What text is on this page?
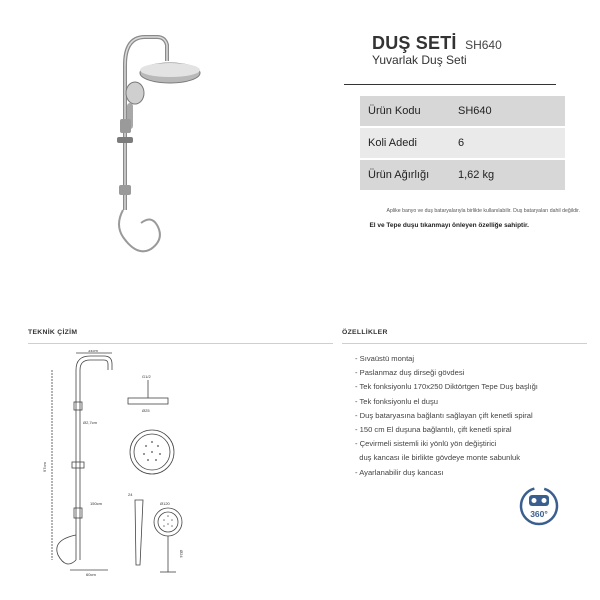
DUŞ SETİ SH640
Yuvarlak Duş Seti
Ürün Kodu	SH640
Koli Adedi	6
Ürün Ağırlığı	1,62 kg
Aplike banyo ve duş bataryalarıyla birlikte kullanılabilir. Duş bataryaları dahil değildir.
El ve Tepe duşu tıkanmayı önleyen özelliğe sahiptir.
TEKNİK ÇİZİM	ÖZELLİKLER
34cm
97cm
Ø2,7cm
G1/2
Ø25
150cm
60cm
Ø120
24
Ø24
- Sıvaüstü montaj
- Paslanmaz duş dirseği gövdesi
- Tek fonksiyonlu 170x250 Diktörtgen Tepe Duş başlığı
- Tek fonksiyonlu el duşu
- Duş bataryasına bağlantı sağlayan çift kenetli spiral
- 150 cm El duşuna bağlantılı, çift kenetli spiral
- Çevirmeli sistemli iki yönlü yön değiştirici
duş kancası ile birlikte gövdeye monte sabunluk
- Ayarlanabilir duş kancası
360°
